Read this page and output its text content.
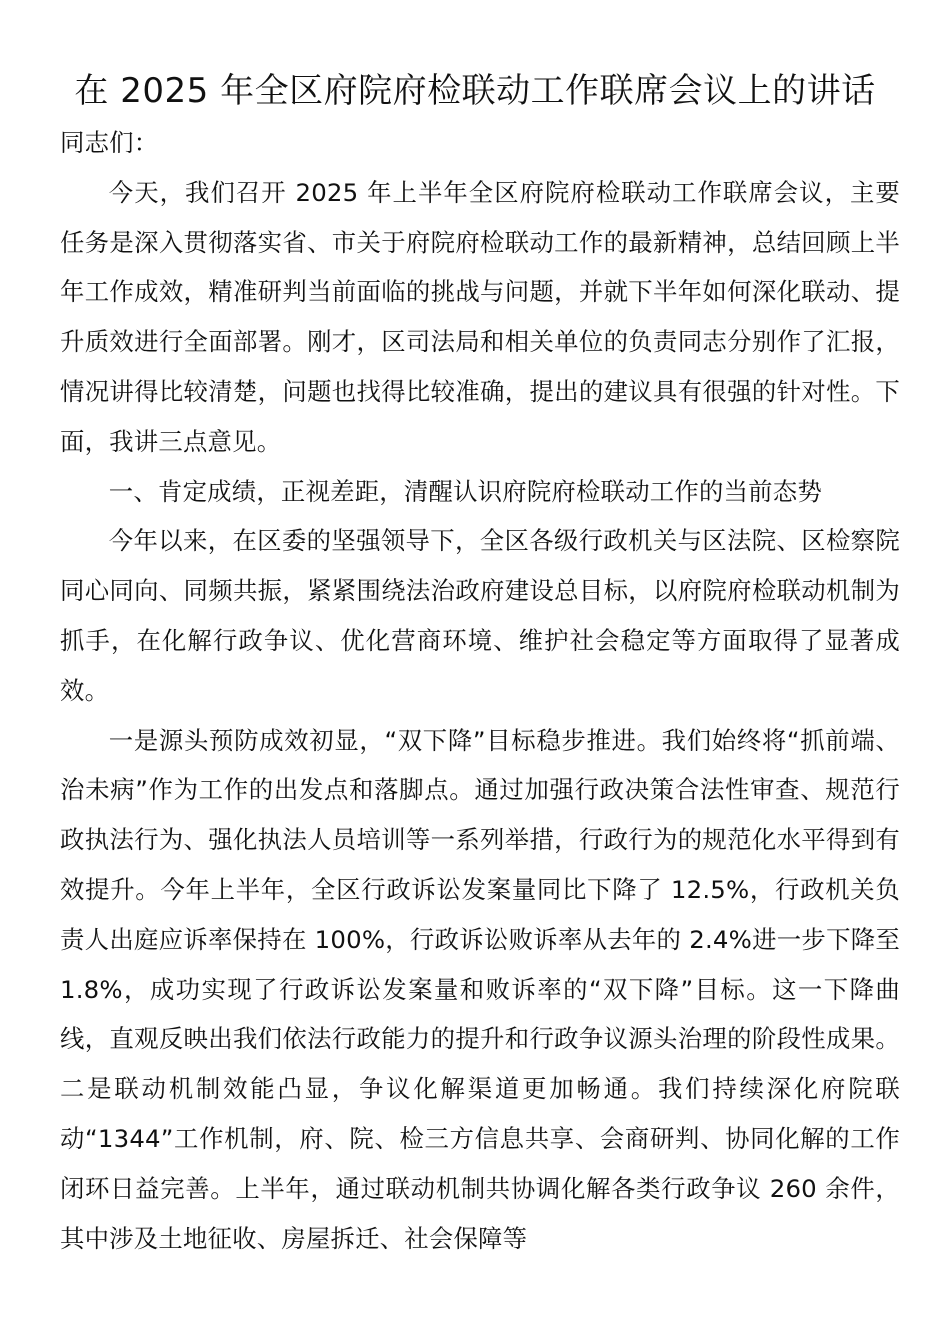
在 2025 年全区府院府检联动工作联席会议上的讲话

同志们：

今天，我们召开 2025 年上半年全区府院府检联动工作联席会议，主要任务是深入贯彻落实省、市关于府院府检联动工作的最新精神，总结回顾上半年工作成效，精准研判当前面临的挑战与问题，并就下半年如何深化联动、提升质效进行全面部署。刚才，区司法局和相关单位的负责同志分别作了汇报，情况讲得比较清楚，问题也找得比较准确，提出的建议具有很强的针对性。下面，我讲三点意见。

一、肯定成绩，正视差距，清醒认识府院府检联动工作的当前态势

今年以来，在区委的坚强领导下，全区各级行政机关与区法院、区检察院同心同向、同频共振，紧紧围绕法治政府建设总目标，以府院府检联动机制为抓手，在化解行政争议、优化营商环境、维护社会稳定等方面取得了显著成效。

一是源头预防成效初显，“双下降”目标稳步推进。我们始终将“抓前端、治未病”作为工作的出发点和落脚点。通过加强行政决策合法性审查、规范行政执法行为、强化执法人员培训等一系列举措，行政行为的规范化水平得到有效提升。今年上半年，全区行政诉讼发案量同比下降了 12.5%，行政机关负责人出庭应诉率保持在 100%，行政诉讼败诉率从去年的 2.4%进一步下降至 1.8%，成功实现了行政诉讼发案量和败诉率的“双下降”目标。这一下降曲线，直观反映出我们依法行政能力的提升和行政争议源头治理的阶段性成果。二是联动机制效能凸显，争议化解渠道更加畅通。我们持续深化府院联动“1344”工作机制，府、院、检三方信息共享、会商研判、协同化解的工作闭环日益完善。上半年，通过联动机制共协调化解各类行政争议 260 余件，其中涉及土地征收、房屋拆迁、社会保障等
